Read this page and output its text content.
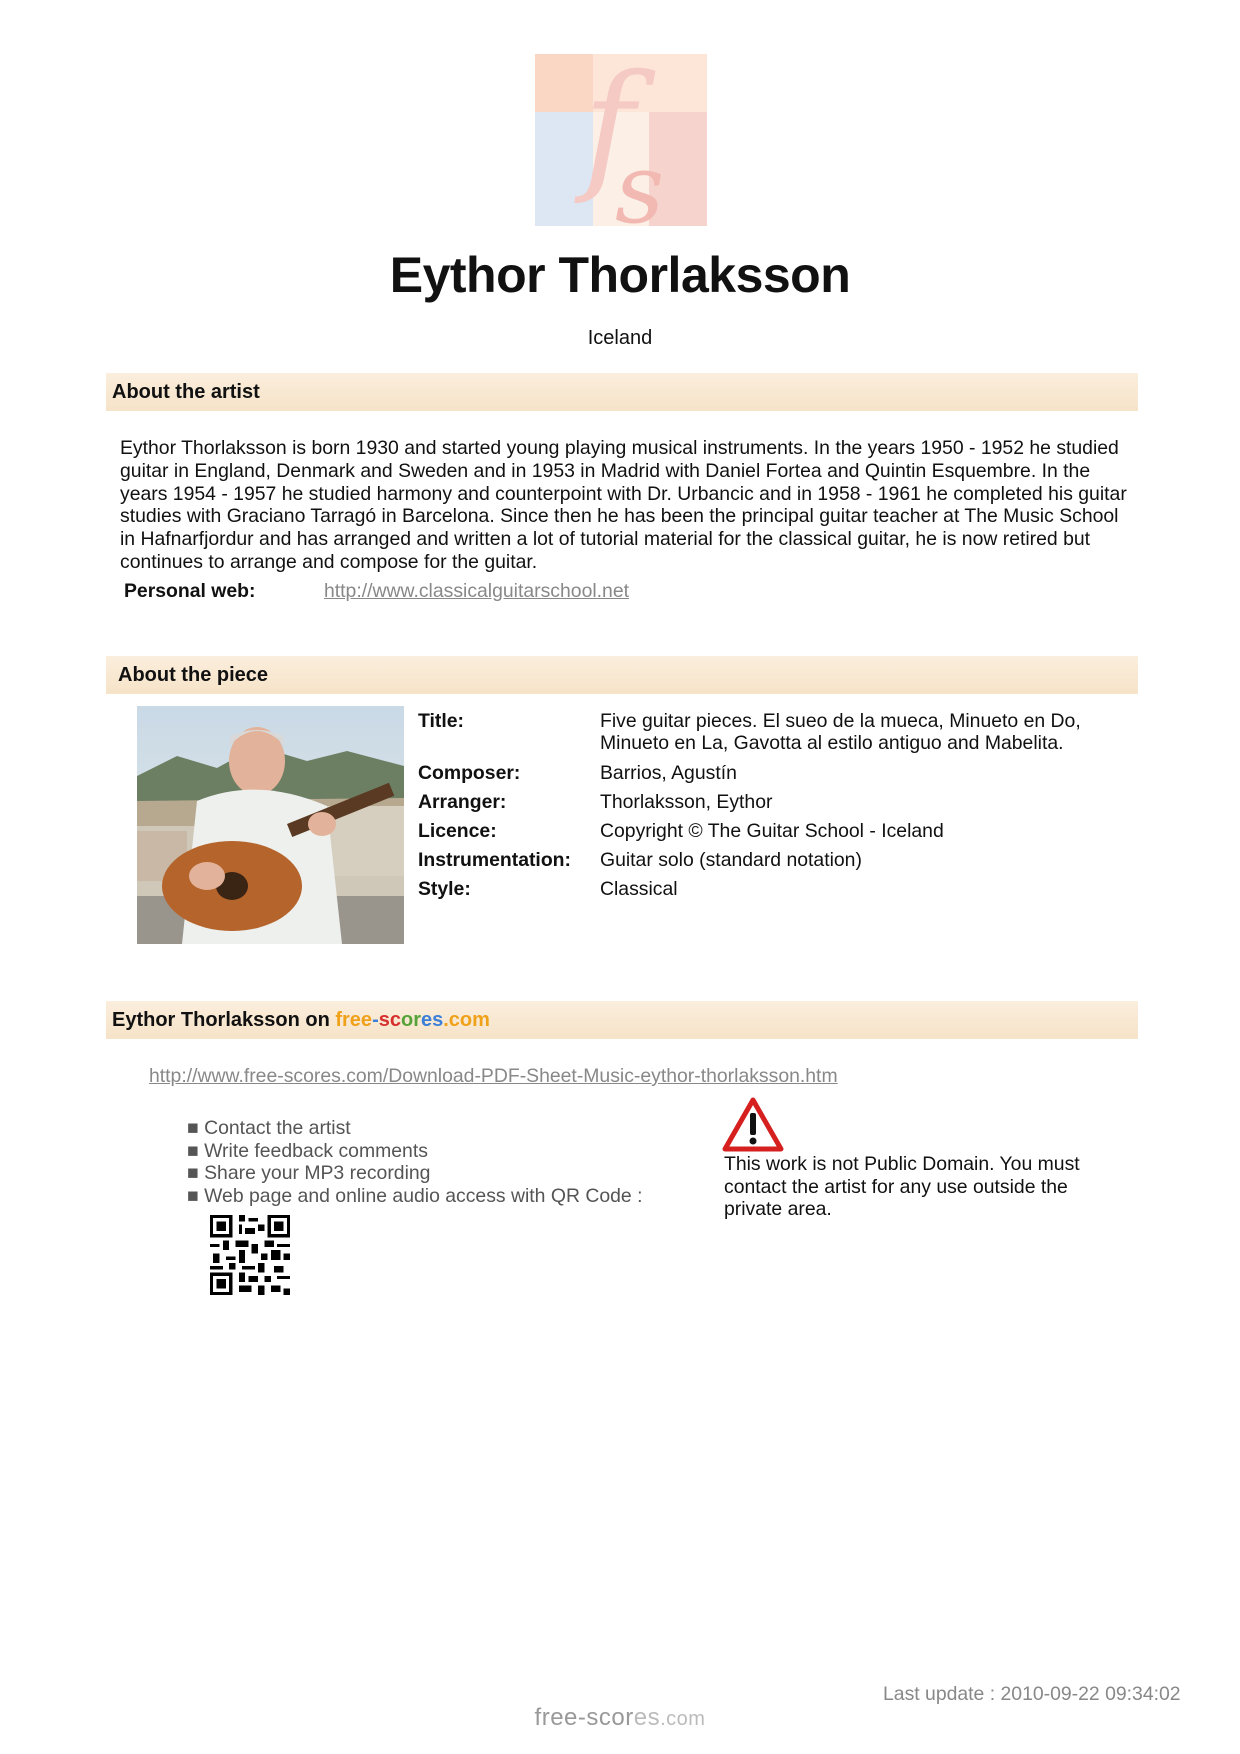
f
s
Eythor Thorlaksson
Iceland
About the artist
Eythor Thorlaksson is born 1930 and started young playing musical instruments. In the years 1950 - 1952 he studied guitar in England, Denmark and Sweden and in 1953 in Madrid with Daniel Fortea and Quintin Esquembre. In the years 1954 - 1957 he studied harmony and counterpoint with Dr. Urbancic and in 1958 - 1961 he completed his guitar studies with Graciano Tarragó in Barcelona. Since then he has been the principal guitar teacher at The Music School in Hafnarfjordur and has arranged and written a lot of tutorial material for the classical guitar, he is now retired but continues to arrange and compose for the guitar.
Personal web:	http://www.classicalguitarschool.net
About the piece
Title:	Five guitar pieces. El sueo de la mueca, Minueto en Do, Minueto en La, Gavotta al estilo antiguo and Mabelita.
Composer:	Barrios, Agustín
Arranger:	Thorlaksson, Eythor
Licence:	Copyright © The Guitar School - Iceland
Instrumentation: Guitar solo (standard notation)
Style:	Classical
Eythor Thorlaksson on free-scores.com
http://www.free-scores.com/Download-PDF-Sheet-Music-eythor-thorlaksson.htm
■ Contact the artist
■ Write feedback comments
■ Share your MP3 recording
■ Web page and online audio access with QR Code :
This work is not Public Domain. You must contact the artist for any use outside the private area.
Last update : 2010-09-22 09:34:02
free-scores.com
